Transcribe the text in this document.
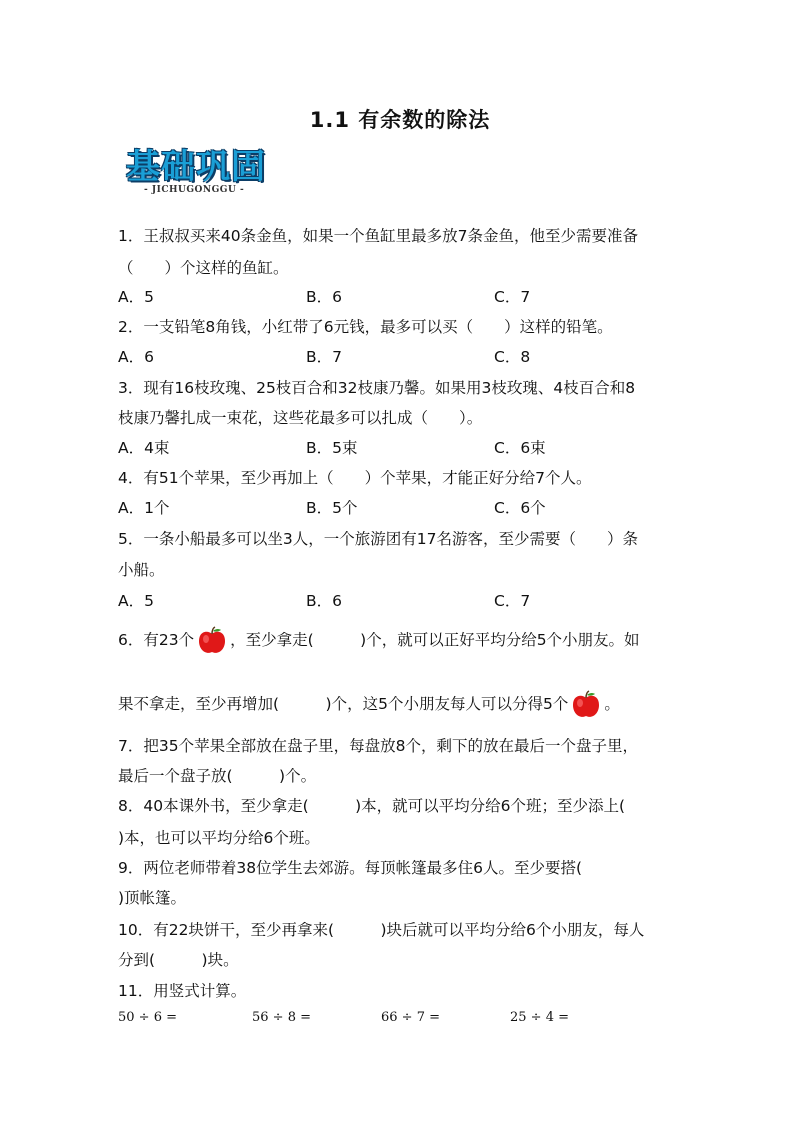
1.1 有余数的除法
基础巩固
- JICHUGONGGU -
1．王叔叔买来40条金鱼，如果一个鱼缸里最多放7条金鱼，他至少需要准备
（　　）个这样的鱼缸。
A．5	B．6	C．7
2．一支铅笔8角钱，小红带了6元钱，最多可以买（　　）这样的铅笔。
A．6	B．7	C．8
3．现有16枝玫瑰、25枝百合和32枝康乃馨。如果用3枝玫瑰、4枝百合和8
枝康乃馨扎成一束花，这些花最多可以扎成（　　）。
A．4束	B．5束	C．6束
4．有51个苹果，至少再加上（　　）个苹果，才能正好分给7个人。
A．1个	B．5个	C．6个
5．一条小船最多可以坐3人，一个旅游团有17名游客，至少需要（　　）条
小船。
A．5	B．6	C．7
6．有23个 ，至少拿走(　　　)个，就可以正好平均分给5个小朋友。如
果不拿走，至少再增加(　　　)个，这5个小朋友每人可以分得5个 。
7．把35个苹果全部放在盘子里，每盘放8个，剩下的放在最后一个盘子里，
最后一个盘子放(　　　)个。
8．40本课外书，至少拿走(　　　)本，就可以平均分给6个班；至少添上(
)本，也可以平均分给6个班。
9．两位老师带着38位学生去郊游。每顶帐篷最多住6人。至少要搭(
)顶帐篷。
10．有22块饼干，至少再拿来(　　　)块后就可以平均分给6个小朋友，每人
分到(　　　)块。
11．用竖式计算。
50 ÷ 6 =	56 ÷ 8 =	66 ÷ 7 =	25 ÷ 4 =
